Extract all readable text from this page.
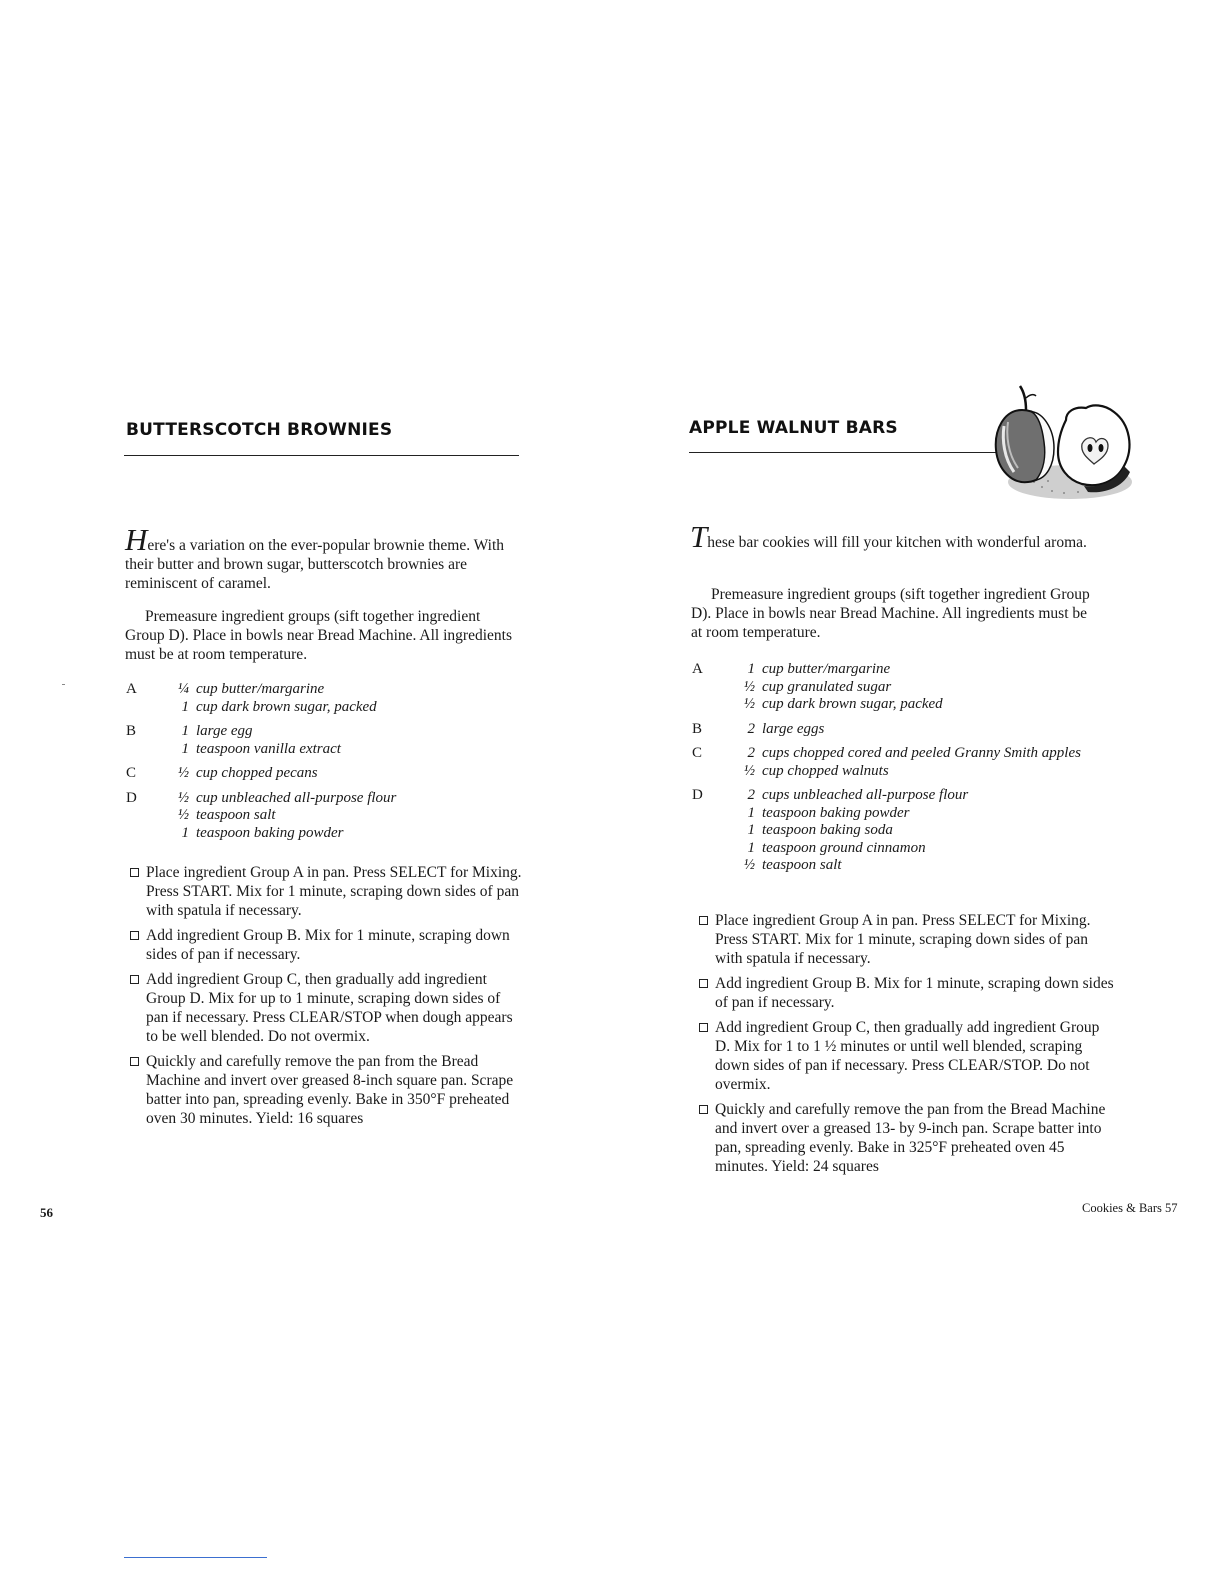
BUTTERSCOTCH BROWNIES

Here's a variation on the ever-popular brownie theme. With their butter and brown sugar, butterscotch brownies are reminiscent of caramel.

Premeasure ingredient groups (sift together ingredient Group D). Place in bowls near Bread Machine. All ingredients must be at room temperature.

A	¼ cup butter/margarine
1 cup dark brown sugar, packed
B	1 large egg
1 teaspoon vanilla extract
C	½ cup chopped pecans
D	½ cup unbleached all-purpose flour
½ teaspoon salt
1 teaspoon baking powder
Place ingredient Group A in pan. Press SELECT for Mixing. Press START. Mix for 1 minute, scraping down sides of pan with spatula if necessary.
Add ingredient Group B. Mix for 1 minute, scraping down sides of pan if necessary.
Add ingredient Group C, then gradually add ingredient Group D. Mix for up to 1 minute, scraping down sides of pan if necessary. Press CLEAR/STOP when dough appears to be well blended. Do not overmix.
Quickly and carefully remove the pan from the Bread Machine and invert over greased 8-inch square pan. Scrape batter into pan, spreading evenly. Bake in 350°F preheated oven 30 minutes. Yield: 16 squares
56
APPLE WALNUT BARS

These bar cookies will fill your kitchen with wonderful aroma.

Premeasure ingredient groups (sift together ingredient Group D). Place in bowls near Bread Machine. All ingredients must be at room temperature.

A	1 cup butter/margarine
½ cup granulated sugar
½ cup dark brown sugar, packed
B	2 large eggs
C	2 cups chopped cored and peeled Granny Smith apples
½ cup chopped walnuts
D	2 cups unbleached all-purpose flour
1 teaspoon baking powder
1 teaspoon baking soda
1 teaspoon ground cinnamon
½ teaspoon salt
Place ingredient Group A in pan. Press SELECT for Mixing. Press START. Mix for 1 minute, scraping down sides of pan with spatula if necessary.
Add ingredient Group B. Mix for 1 minute, scraping down sides of pan if necessary.
Add ingredient Group C, then gradually add ingredient Group D. Mix for 1 to 1 ½ minutes or until well blended, scraping down sides of pan if necessary. Press CLEAR/STOP. Do not overmix.
Quickly and carefully remove the pan from the Bread Machine and invert over a greased 13- by 9-inch pan. Scrape batter into pan, spreading evenly. Bake in 325°F preheated oven 45 minutes. Yield: 24 squares
Cookies & Bars 57
